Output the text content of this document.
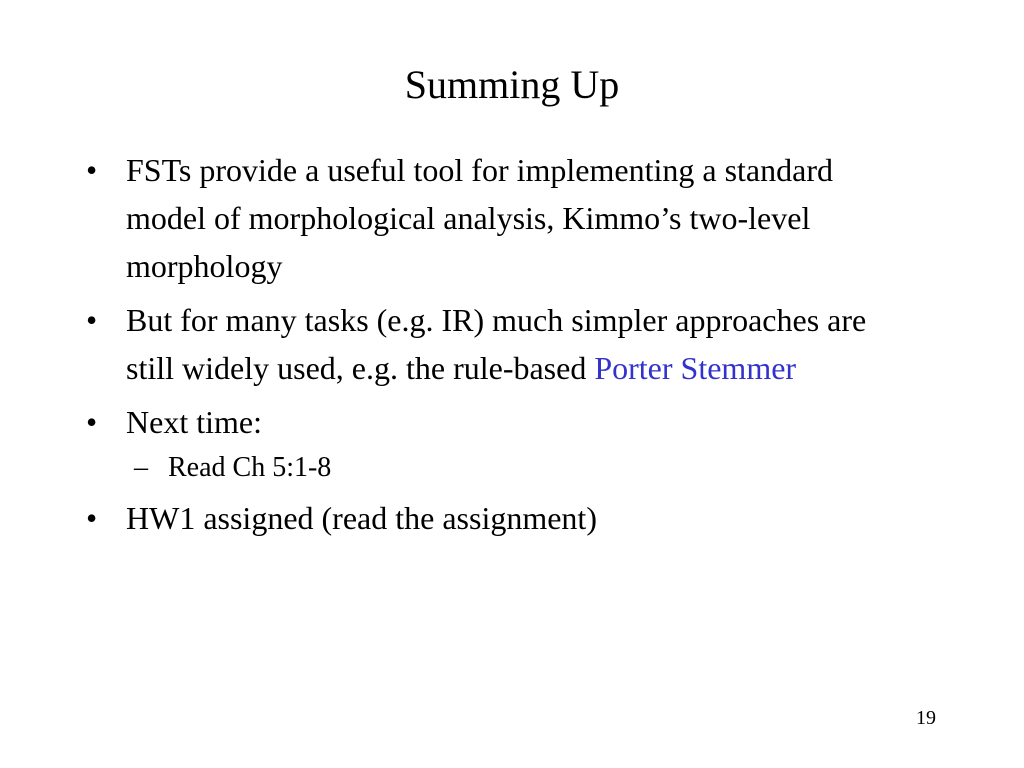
Summing Up
• FSTs provide a useful tool for implementing a standard model of morphological analysis, Kimmo’s two-level morphology
• But for many tasks (e.g. IR) much simpler approaches are still widely used, e.g. the rule-based Porter Stemmer
• Next time:
– Read Ch 5:1-8
• HW1 assigned (read the assignment)
19
